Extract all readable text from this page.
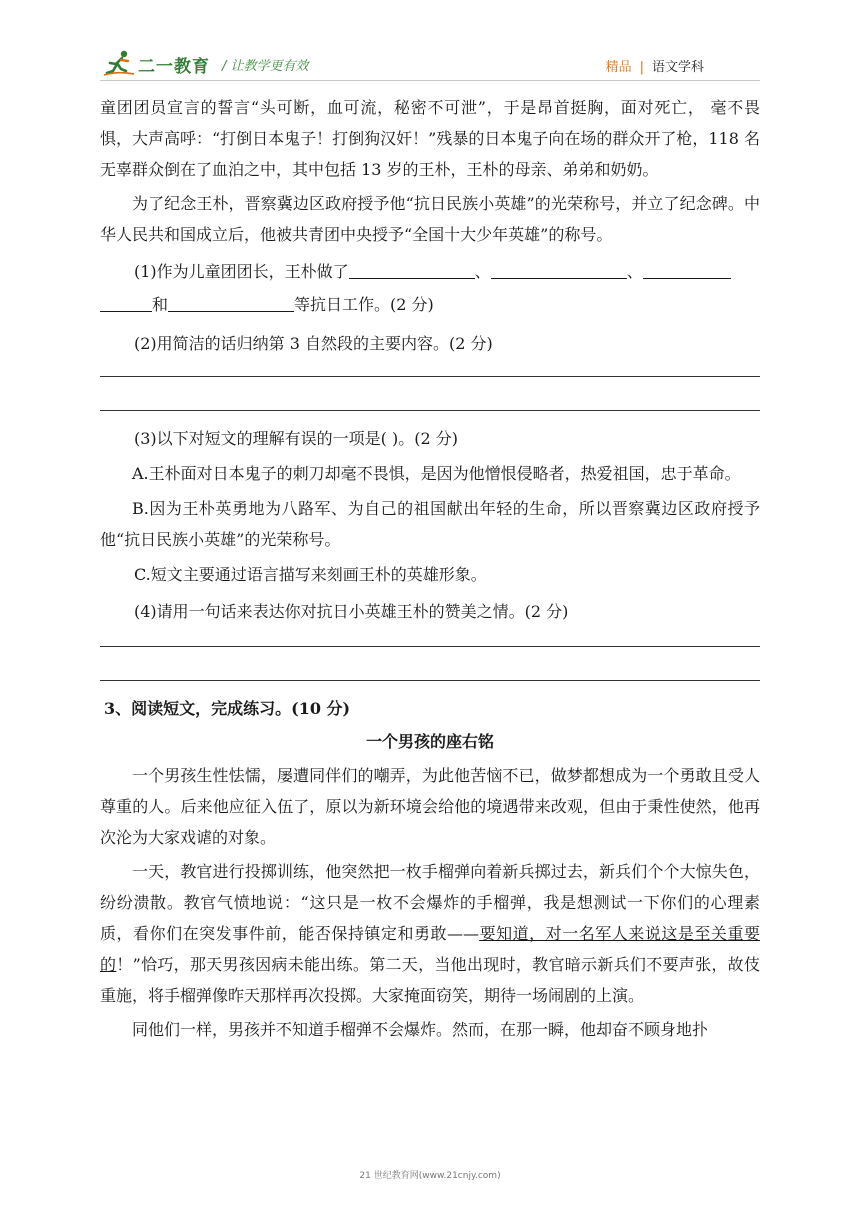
二一教育 / 让教学更有效	精品 | 语文学科

童团团员宣言的誓言“头可断，血可流，秘密不可泄”，于是昂首挺胸，面对死亡， 毫不畏惧，大声高呼：“打倒日本鬼子！打倒狗汉奸！”残暴的日本鬼子向在场的群众开了枪，118 名无辜群众倒在了血泊之中，其中包括 13 岁的王朴，王朴的母亲、弟弟和奶奶。

为了纪念王朴，晋察冀边区政府授予他“抗日民族小英雄”的光荣称号，并立了纪念碑。中华人民共和国成立后，他被共青团中央授予“全国十大少年英雄”的称号。

(1)作为儿童团团长，王朴做了	、	、

和	等抗日工作。(2 分)

(2)用简洁的话归纳第 3 自然段的主要内容。(2 分)

(3)以下对短文的理解有误的一项是( )。(2 分)

A.王朴面对日本鬼子的刺刀却毫不畏惧，是因为他憎恨侵略者，热爱祖国，忠于革命。

B.因为王朴英勇地为八路军、为自己的祖国献出年轻的生命，所以晋察冀边区政府授予他“抗日民族小英雄”的光荣称号。

C.短文主要通过语言描写来刻画王朴的英雄形象。

(4)请用一句话来表达你对抗日小英雄王朴的赞美之情。(2 分)

3、阅读短文，完成练习。(10 分)

一个男孩的座右铭

一个男孩生性怯懦，屡遭同伴们的嘲弄，为此他苦恼不已，做梦都想成为一个勇敢且受人尊重的人。后来他应征入伍了，原以为新环境会给他的境遇带来改观，但由于秉性使然，他再次沦为大家戏谑的对象。

一天，教官进行投掷训练，他突然把一枚手榴弹向着新兵掷过去，新兵们个个大惊失色，纷纷溃散。教官气愤地说：“这只是一枚不会爆炸的手榴弹，我是想测试一下你们的心理素质，看你们在突发事件前，能否保持镇定和勇敢——要知道，对一名军人来说这是至关重要的！”恰巧，那天男孩因病未能出练。第二天，当他出现时，教官暗示新兵们不要声张，故伎重施，将手榴弹像昨天那样再次投掷。大家掩面窃笑，期待一场闹剧的上演。

同他们一样，男孩并不知道手榴弹不会爆炸。然而，在那一瞬，他却奋不顾身地扑

21 世纪教育网(www.21cnjy.com)
